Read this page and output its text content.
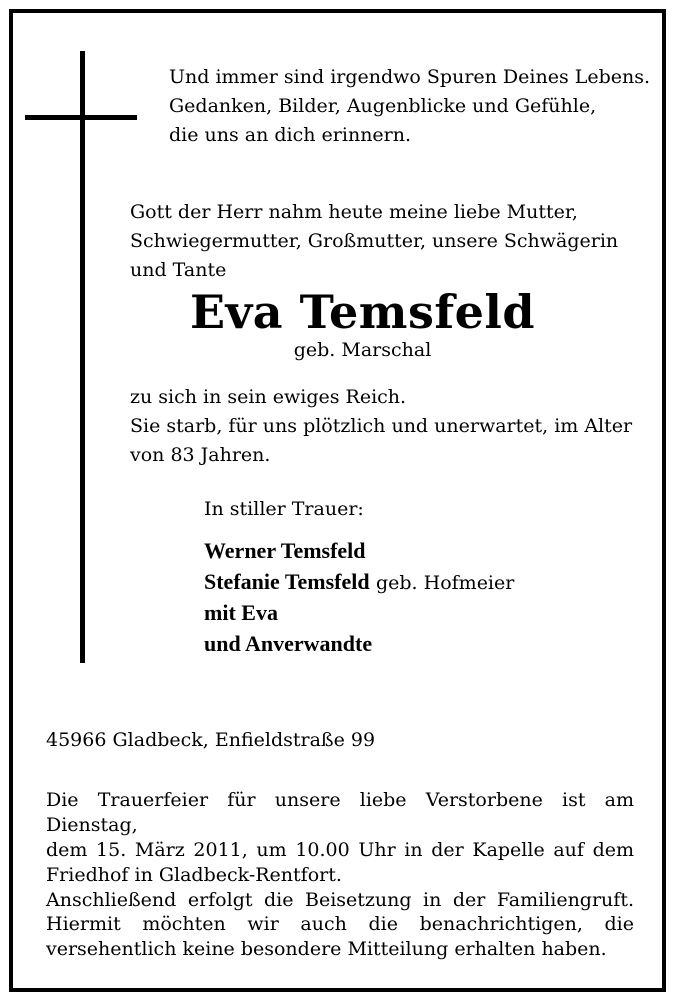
Und immer sind irgendwo Spuren Deines Lebens.
Gedanken, Bilder, Augenblicke und Gefühle,
die uns an dich erinnern.
Gott der Herr nahm heute meine liebe Mutter,
Schwiegermutter, Großmutter, unsere Schwägerin
und Tante
Eva Temsfeld
geb. Marschal
zu sich in sein ewiges Reich.
Sie starb, für uns plötzlich und unerwartet, im Alter
von 83 Jahren.
In stiller Trauer:
Werner Temsfeld
Stefanie Temsfeld geb. Hofmeier
mit Eva
und Anverwandte
45966 Gladbeck, Enfieldstraße 99
Die Trauerfeier für unsere liebe Verstorbene ist am Dienstag,
dem 15. März 2011, um 10.00 Uhr in der Kapelle auf dem
Friedhof in Gladbeck-Rentfort.
Anschließend erfolgt die Beisetzung in der Familiengruft.
Hiermit möchten wir auch die benachrichtigen, die
versehentlich keine besondere Mitteilung erhalten haben.
